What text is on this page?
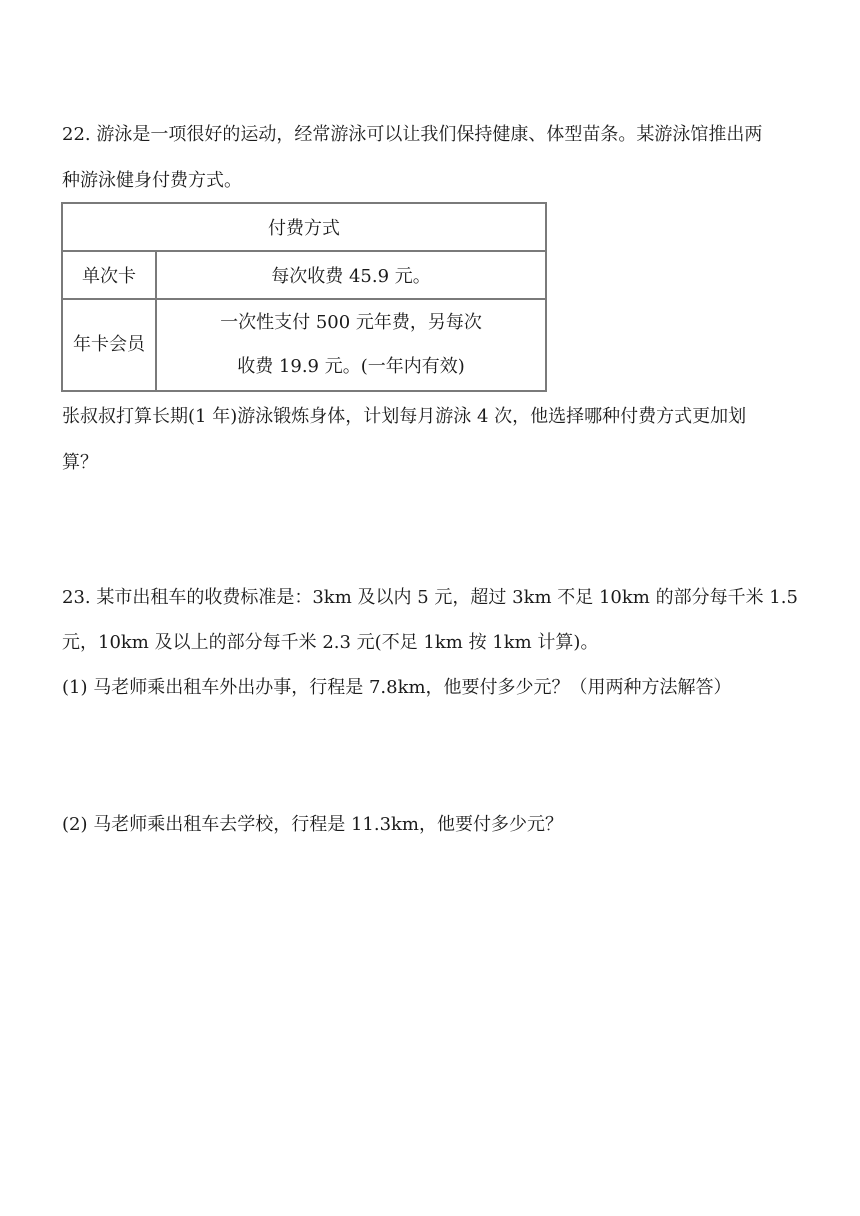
22. 游泳是一项很好的运动，经常游泳可以让我们保持健康、体型苗条。某游泳馆推出两
种游泳健身付费方式。
付费方式	
单次卡	每次收费 45.9 元。
年卡会员	一次性支付 500 元年费，另每次
收费 19.9 元。(一年内有效)
张叔叔打算长期(1 年)游泳锻炼身体，计划每月游泳 4 次，他选择哪种付费方式更加划
算？
23. 某市出租车的收费标准是：3km 及以内 5 元，超过 3km 不足 10km 的部分每千米 1.5
元，10km 及以上的部分每千米 2.3 元(不足 1km 按 1km 计算)。
(1) 马老师乘出租车外出办事，行程是 7.8km，他要付多少元？（用两种方法解答）
(2) 马老师乘出租车去学校，行程是 11.3km，他要付多少元？
